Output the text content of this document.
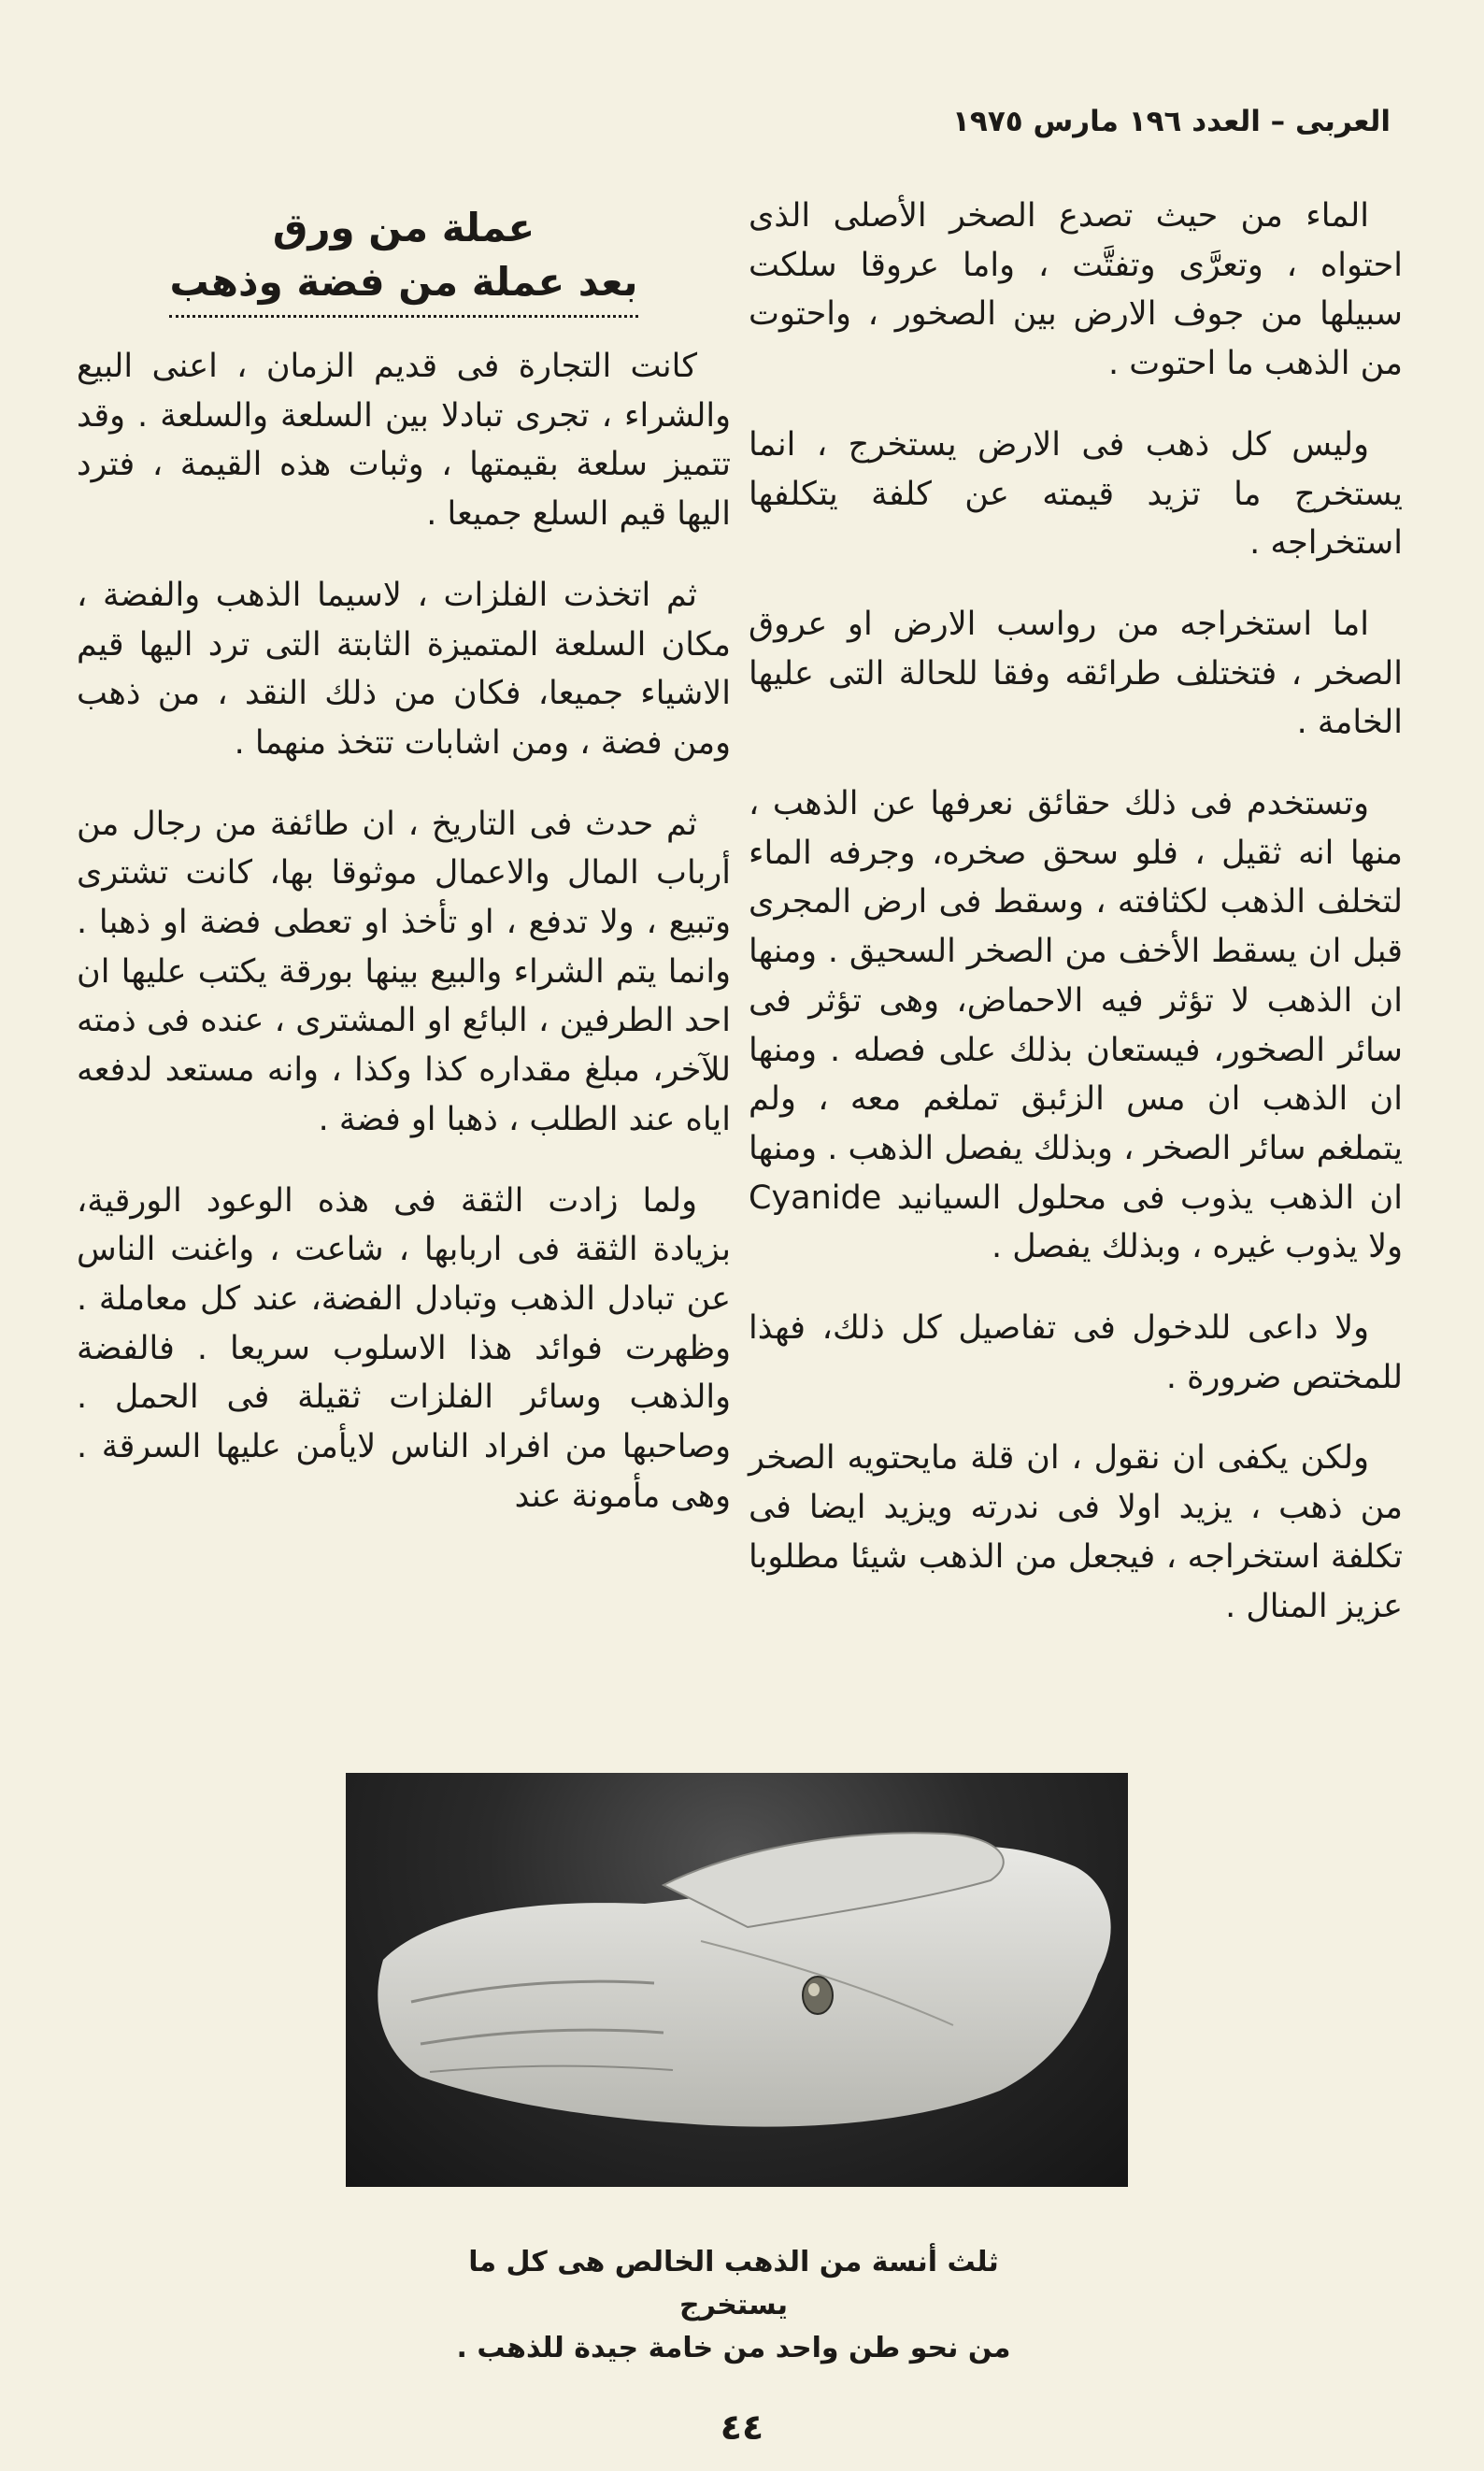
العربى – العدد ١٩٦ مارس ١٩٧٥

الماء من حيث تصدع الصخر الأصلى الذى احتواه ، وتعرَّى وتفتَّت ، واما عروقا سلكت سبيلها من جوف الارض بين الصخور ، واحتوت من الذهب ما احتوت .

وليس كل ذهب فى الارض يستخرج ، انما يستخرج ما تزيد قيمته عن كلفة يتكلفها استخراجه .

اما استخراجه من رواسب الارض او عروق الصخر ، فتختلف طرائقه وفقا للحالة التى عليها الخامة .

وتستخدم فى ذلك حقائق نعرفها عن الذهب ، منها انه ثقيل ، فلو سحق صخره، وجرفه الماء لتخلف الذهب لكثافته ، وسقط فى ارض المجرى قبل ان يسقط الأخف من الصخر السحيق . ومنها ان الذهب لا تؤثر فيه الاحماض، وهى تؤثر فى سائر الصخور، فيستعان بذلك على فصله . ومنها ان الذهب ان مس الزئبق تملغم معه ، ولم يتملغم سائر الصخر ، وبذلك يفصل الذهب . ومنها ان الذهب يذوب فى محلول السيانيد Cyanide ولا يذوب غيره ، وبذلك يفصل .

ولا داعى للدخول فى تفاصيل كل ذلك، فهذا للمختص ضرورة .

ولكن يكفى ان نقول ، ان قلة مايحتويه الصخر من ذهب ، يزيد اولا فى ندرته ويزيد ايضا فى تكلفة استخراجه ، فيجعل من الذهب شيئا مطلوبا عزيز المنال .

عملة من ورق
بعد عملة من فضة وذهب

كانت التجارة فى قديم الزمان ، اعنى البيع والشراء ، تجرى تبادلا بين السلعة والسلعة . وقد تتميز سلعة بقيمتها ، وثبات هذه القيمة ، فترد اليها قيم السلع جميعا .

ثم اتخذت الفلزات ، لاسيما الذهب والفضة ، مكان السلعة المتميزة الثابتة التى ترد اليها قيم الاشياء جميعا، فكان من ذلك النقد ، من ذهب ومن فضة ، ومن اشابات تتخذ منهما .

ثم حدث فى التاريخ ، ان طائفة من رجال من أرباب المال والاعمال موثوقا بها، كانت تشترى وتبيع ، ولا تدفع ، او تأخذ او تعطى فضة او ذهبا . وانما يتم الشراء والبيع بينها بورقة يكتب عليها ان احد الطرفين ، البائع او المشترى ، عنده فى ذمته للآخر، مبلغ مقداره كذا وكذا ، وانه مستعد لدفعه اياه عند الطلب ، ذهبا او فضة .

ولما زادت الثقة فى هذه الوعود الورقية، بزيادة الثقة فى اربابها ، شاعت ، واغنت الناس عن تبادل الذهب وتبادل الفضة، عند كل معاملة . وظهرت فوائد هذا الاسلوب سريعا . فالفضة والذهب وسائر الفلزات ثقيلة فى الحمل . وصاحبها من افراد الناس لايأمن عليها السرقة . وهى مأمونة عند

ثلث أنسة من الذهب الخالص هى كل ما يستخرج
من نحو طن واحد من خامة جيدة للذهب .
٤٤
